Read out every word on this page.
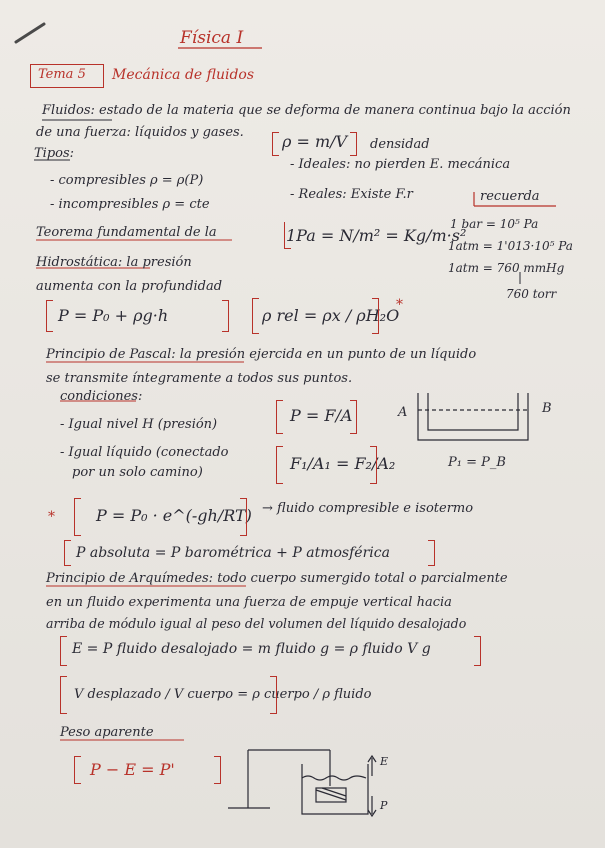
Física I
Tema 5 Mecánica de fluidos
Fluidos: estado de la materia que se deforma de manera continua bajo la acción
de una fuerza: líquidos y gases. ρ = m/V densidad
Tipos:
- compresibles ρ = ρ(P)
- incompresibles ρ = cte
- Ideales: no pierden E. mecánica
- Reales: Existe F.r	recuerda
1 bar = 10⁵ Pa
1atm = 1'013·10⁵ Pa
1atm = 760 mmHg
760 torr
1Pa = N/m² = Kg/m·s²
Teorema fundamental de la
Hidrostática: la presión
aumenta con la profundidad
P = P₀ + ρg·h	ρ rel = ρx / ρH₂O
*
Principio de Pascal: la presión ejercida en un punto de un líquido
se transmite íntegramente a todos sus puntos.
condiciones:
- Igual nivel H (presión)
- Igual líquido (conectado
por un solo camino)
P = F/A	A	B
P₁ = P_B
F₁/A₁ = F₂/A₂
*	P = P₀ · e^(-gh/RT) → fluido compresible e isotermo
P absoluta = P barométrica + P atmosférica
Principio de Arquímedes: todo cuerpo sumergido total o parcialmente
en un fluido experimenta una fuerza de empuje vertical hacia
arriba de módulo igual al peso del volumen del líquido desalojado
E = P fluido desalojado = m fluido g = ρ fluido V g
V desplazado / V cuerpo = ρ cuerpo / ρ fluido
Peso aparente
P − E = P'	E
P
